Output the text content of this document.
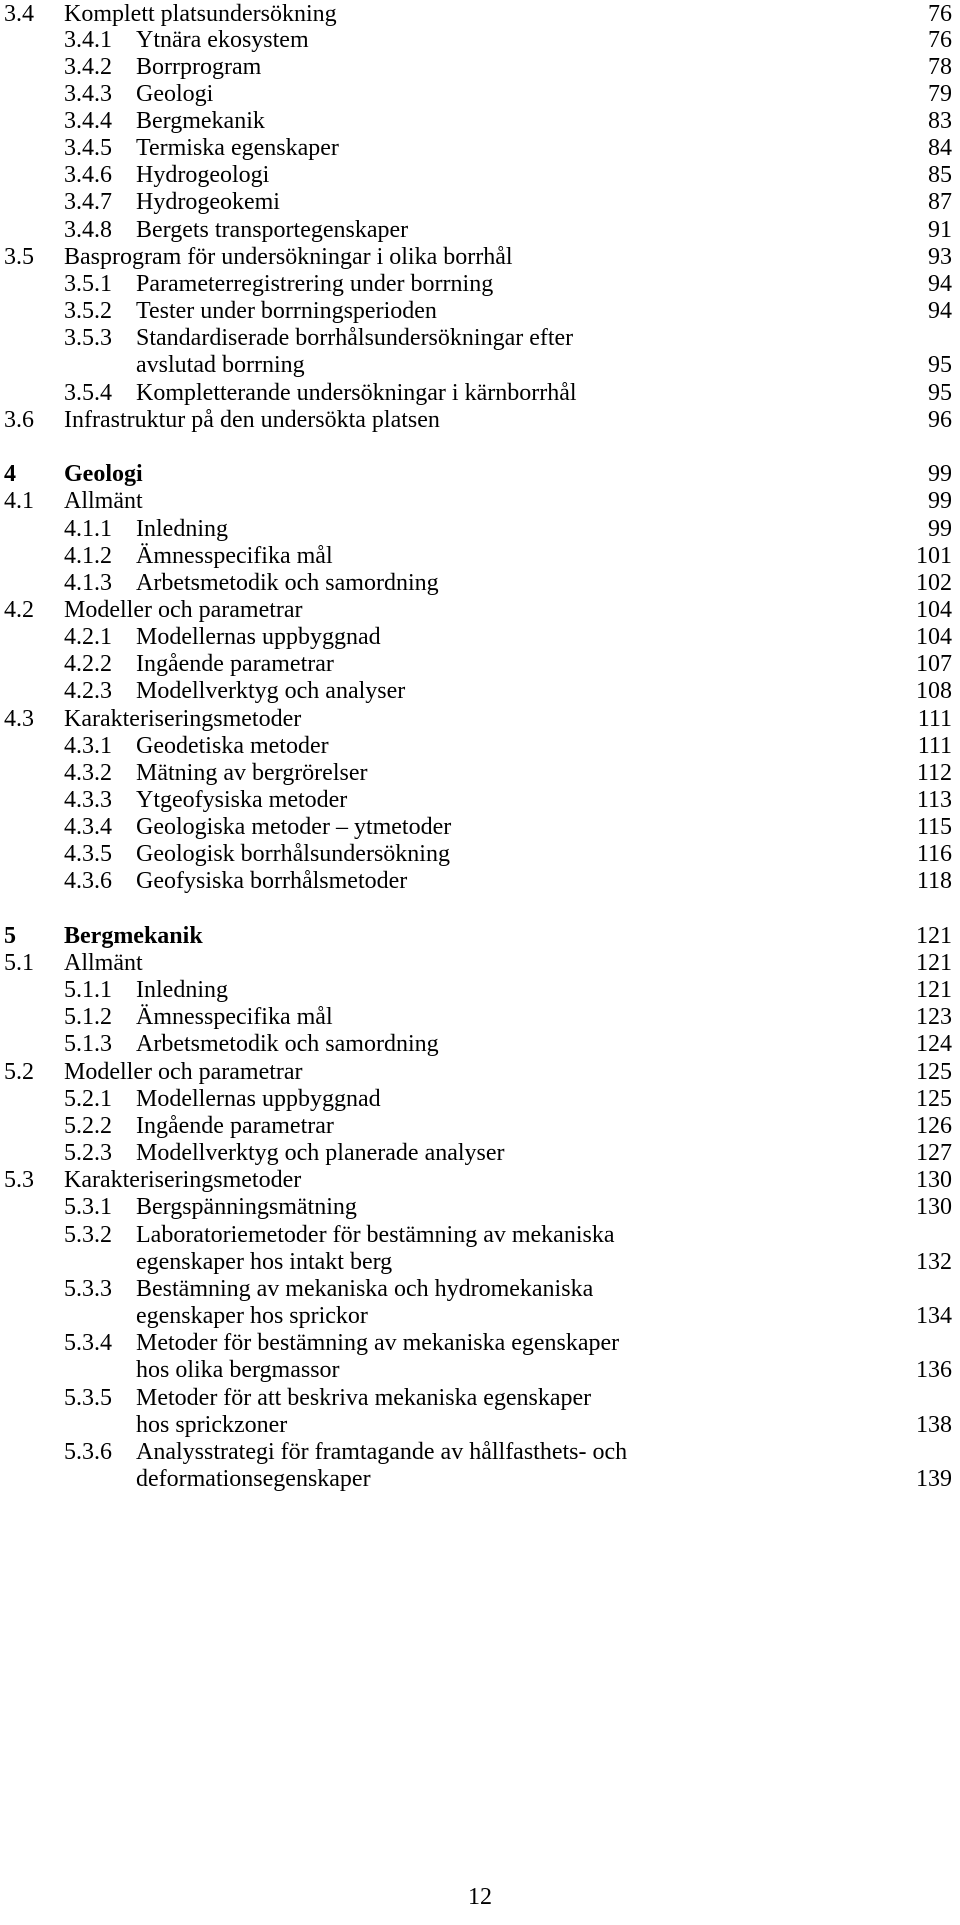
3.4 Komplett platsundersökning	76
3.4.1 Ytnära ekosystem	76
3.4.2 Borrprogram	78
3.4.3 Geologi	79
3.4.4 Bergmekanik	83
3.4.5 Termiska egenskaper	84
3.4.6 Hydrogeologi	85
3.4.7 Hydrogeokemi	87
3.4.8 Bergets transportegenskaper	91
3.5 Basprogram för undersökningar i olika borrhål	93
3.5.1 Parameterregistrering under borrning	94
3.5.2 Tester under borrningsperioden	94
3.5.3 Standardiserade borrhålsundersökningar efter
avslutad borrning	95
3.5.4 Kompletterande undersökningar i kärnborrhål	95
3.6 Infrastruktur på den undersökta platsen	96
4 Geologi	99
4.1 Allmänt	99
4.1.1 Inledning	99
4.1.2 Ämnesspecifika mål	101
4.1.3 Arbetsmetodik och samordning	102
4.2 Modeller och parametrar	104
4.2.1 Modellernas uppbyggnad	104
4.2.2 Ingående parametrar	107
4.2.3 Modellverktyg och analyser	108
4.3 Karakteriseringsmetoder	111
4.3.1 Geodetiska metoder	111
4.3.2 Mätning av bergrörelser	112
4.3.3 Ytgeofysiska metoder	113
4.3.4 Geologiska metoder – ytmetoder	115
4.3.5 Geologisk borrhålsundersökning	116
4.3.6 Geofysiska borrhålsmetoder	118
5 Bergmekanik	121
5.1 Allmänt	121
5.1.1 Inledning	121
5.1.2 Ämnesspecifika mål	123
5.1.3 Arbetsmetodik och samordning	124
5.2 Modeller och parametrar	125
5.2.1 Modellernas uppbyggnad	125
5.2.2 Ingående parametrar	126
5.2.3 Modellverktyg och planerade analyser	127
5.3 Karakteriseringsmetoder	130
5.3.1 Bergspänningsmätning	130
5.3.2 Laboratoriemetoder för bestämning av mekaniska
egenskaper hos intakt berg	132
5.3.3 Bestämning av mekaniska och hydromekaniska
egenskaper hos sprickor	134
5.3.4 Metoder för bestämning av mekaniska egenskaper
hos olika bergmassor	136
5.3.5 Metoder för att beskriva mekaniska egenskaper
hos sprickzoner	138
5.3.6 Analysstrategi för framtagande av hållfasthets- och
deformationsegenskaper	139
12
